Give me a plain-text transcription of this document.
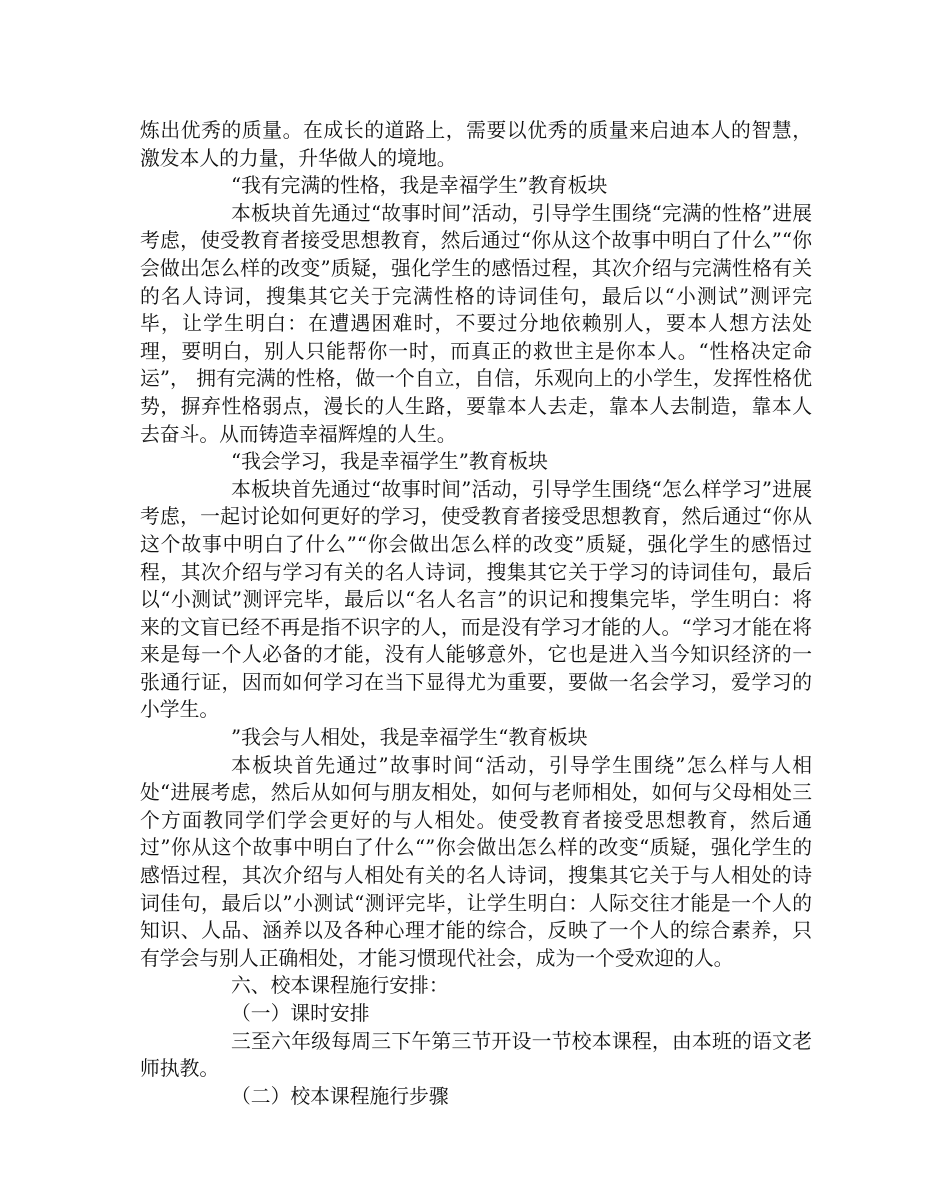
炼出优秀的质量。在成长的道路上，需要以优秀的质量来启迪本人的智慧，激发本人的力量，升华做人的境地。

“我有完满的性格，我是幸福学生”教育板块

本板块首先通过“故事时间”活动，引导学生围绕“完满的性格”进展考虑，使受教育者接受思想教育，然后通过“你从这个故事中明白了什么”“你会做出怎么样的改变”质疑，强化学生的感悟过程，其次介绍与完满性格有关的名人诗词，搜集其它关于完满性格的诗词佳句，最后以“小测试”测评完毕，让学生明白：在遭遇困难时，不要过分地依赖别人，要本人想方法处理，要明白，别人只能帮你一时，而真正的救世主是你本人。“性格决定命运”， 拥有完满的性格，做一个自立，自信，乐观向上的小学生，发挥性格优势，摒弃性格弱点，漫长的人生路，要靠本人去走，靠本人去制造，靠本人去奋斗。从而铸造幸福辉煌的人生。

“我会学习，我是幸福学生”教育板块

本板块首先通过“故事时间”活动，引导学生围绕“怎么样学习”进展考虑，一起讨论如何更好的学习，使受教育者接受思想教育，然后通过“你从这个故事中明白了什么”“你会做出怎么样的改变”质疑，强化学生的感悟过程，其次介绍与学习有关的名人诗词，搜集其它关于学习的诗词佳句，最后以“小测试”测评完毕，最后以“名人名言”的识记和搜集完毕，学生明白：将来的文盲已经不再是指不识字的人，而是没有学习才能的人。“学习才能在将来是每一个人必备的才能，没有人能够意外，它也是进入当今知识经济的一张通行证，因而如何学习在当下显得尤为重要，要做一名会学习，爱学习的小学生。

”我会与人相处，我是幸福学生“教育板块

本板块首先通过”故事时间“活动，引导学生围绕”怎么样与人相处“进展考虑，然后从如何与朋友相处，如何与老师相处，如何与父母相处三个方面教同学们学会更好的与人相处。使受教育者接受思想教育，然后通过”你从这个故事中明白了什么“”你会做出怎么样的改变“质疑，强化学生的感悟过程，其次介绍与人相处有关的名人诗词，搜集其它关于与人相处的诗词佳句，最后以”小测试“测评完毕，让学生明白：人际交往才能是一个人的知识、人品、涵养以及各种心理才能的综合，反映了一个人的综合素养，只有学会与别人正确相处，才能习惯现代社会，成为一个受欢迎的人。

六、校本课程施行安排：

（一）课时安排

三至六年级每周三下午第三节开设一节校本课程，由本班的语文老师执教。

（二）校本课程施行步骤
